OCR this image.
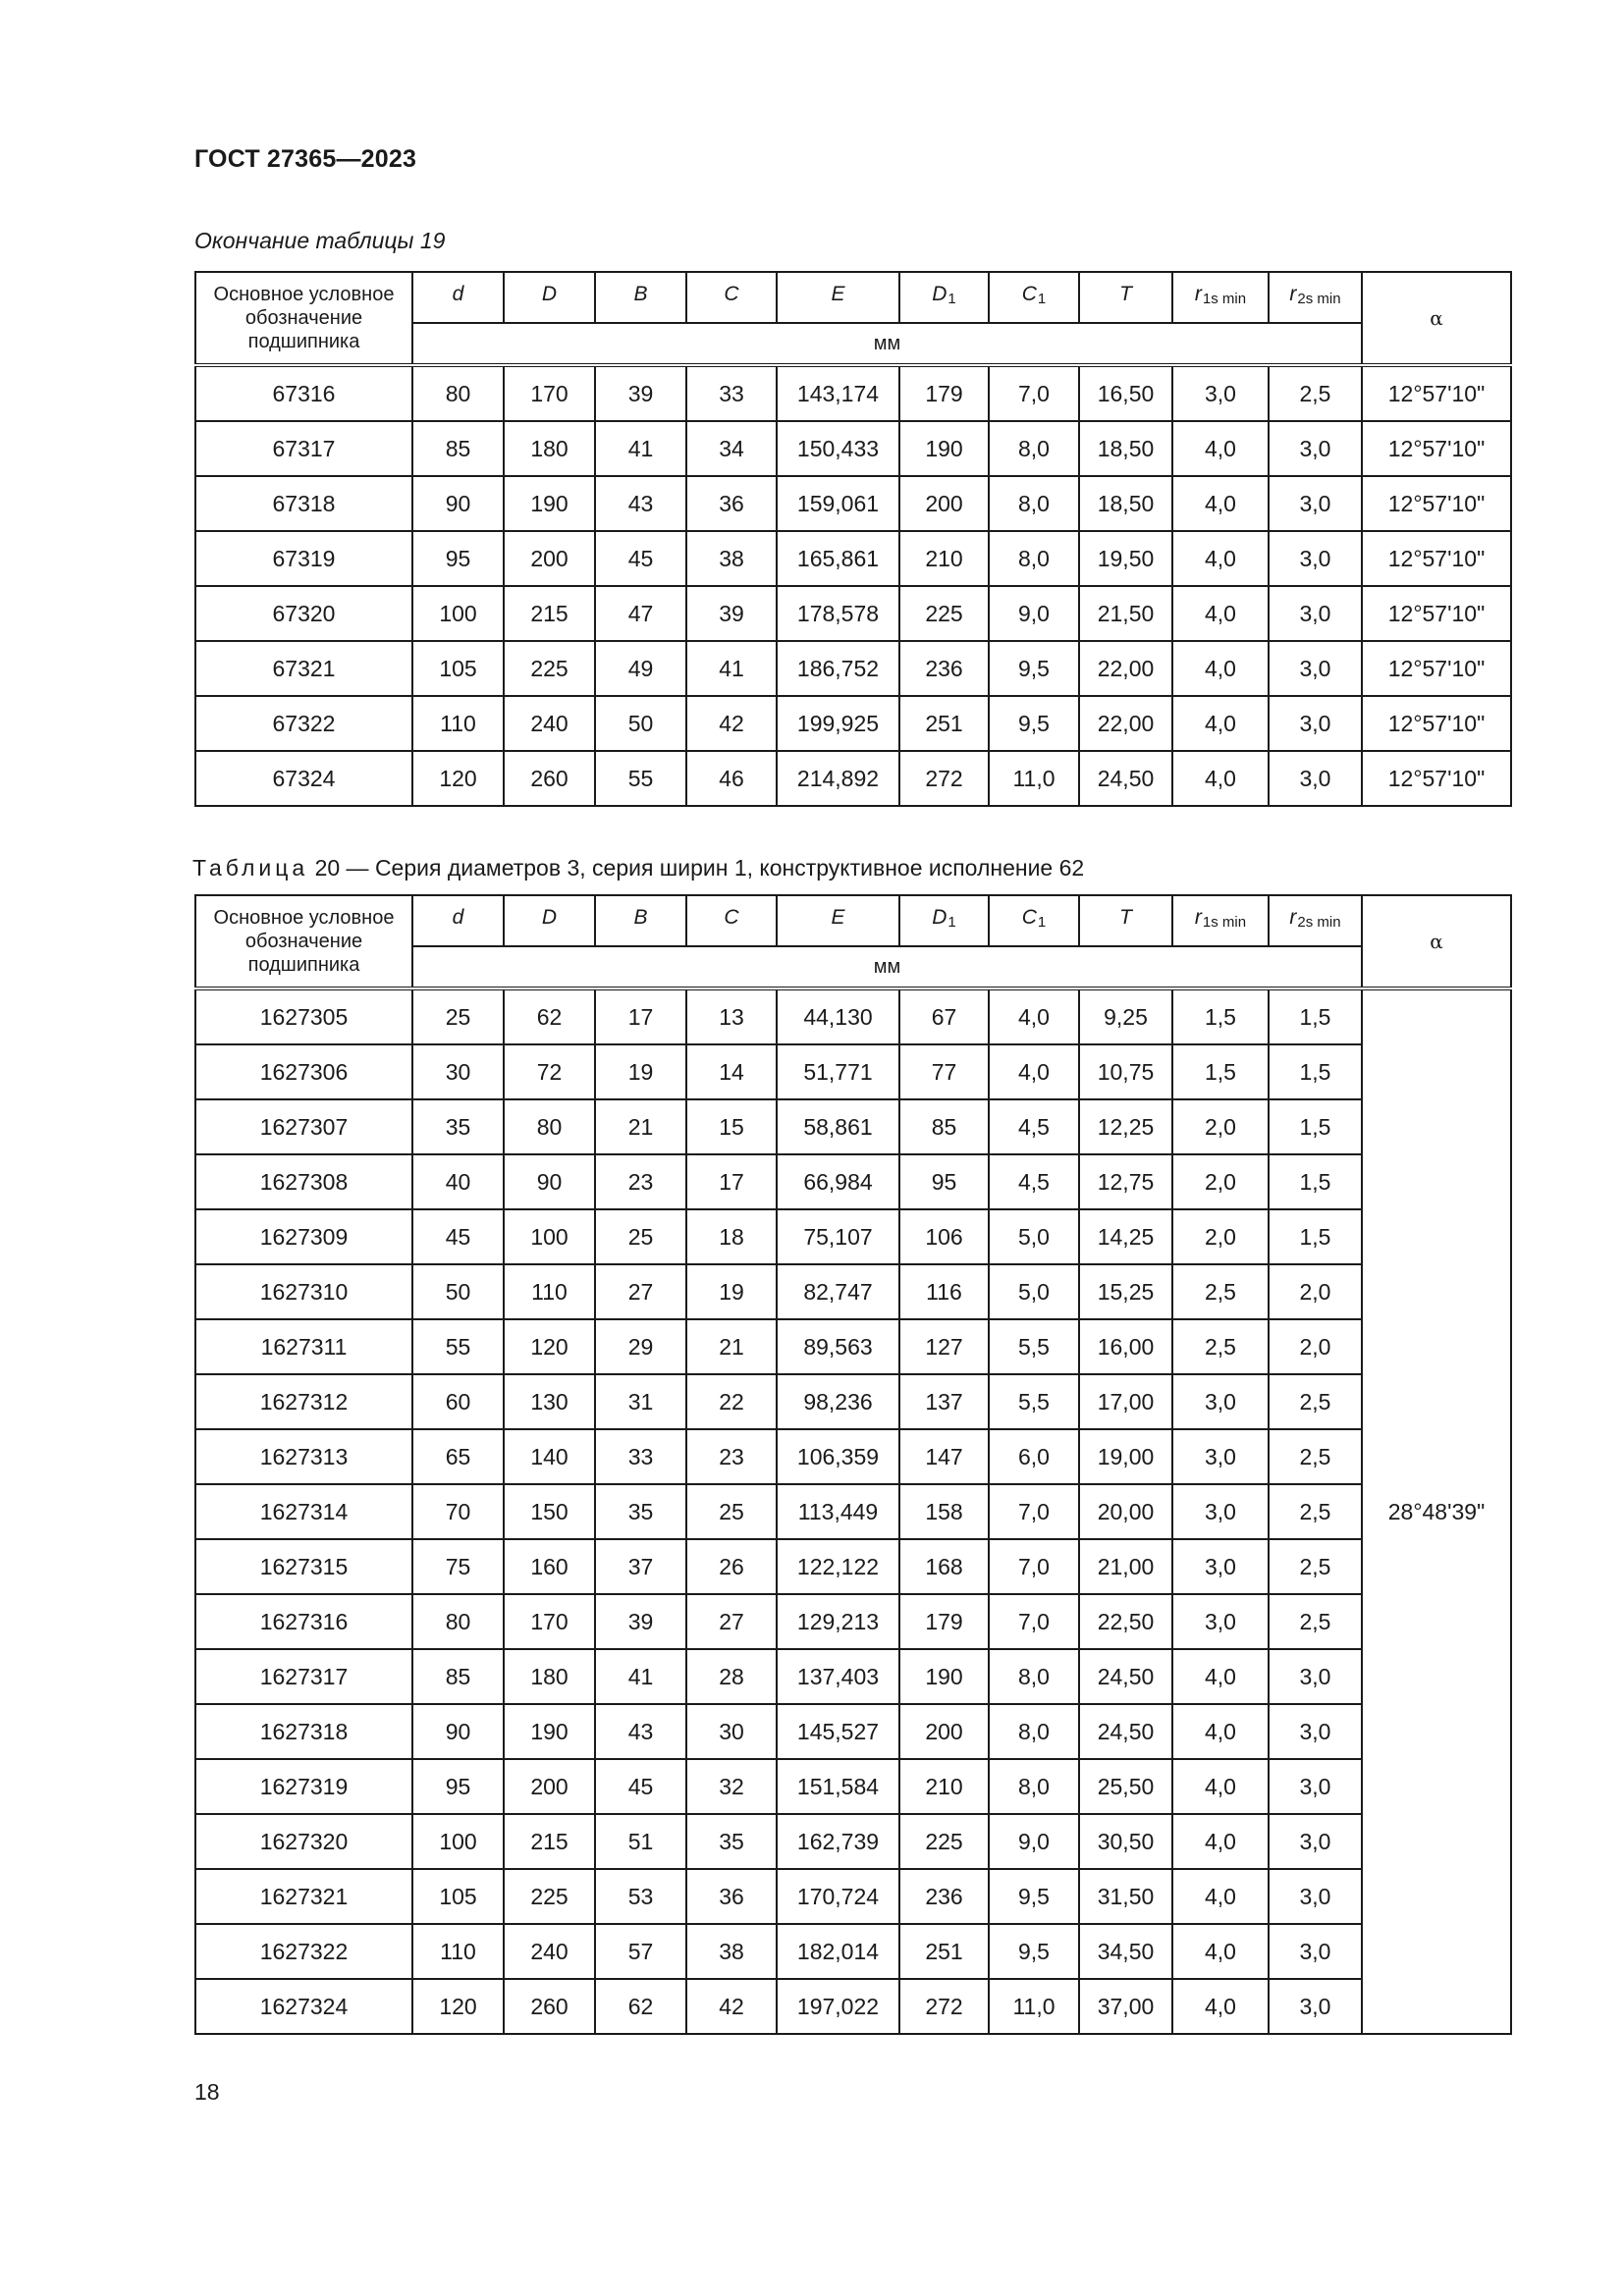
ГОСТ 27365—2023
Окончание таблицы 19
Основное условное обозначение подшипника	d	D	B	C	E	$D_1$	$C_1$	T	$r_{1s min}$	$r_{2s min}$	α
	мм										
67316	80	170	39	33	143,174	179	7,0	16,50	3,0	2,5	12°57'10"
67317	85	180	41	34	150,433	190	8,0	18,50	4,0	3,0	12°57'10"
67318	90	190	43	36	159,061	200	8,0	18,50	4,0	3,0	12°57'10"
67319	95	200	45	38	165,861	210	8,0	19,50	4,0	3,0	12°57'10"
67320	100	215	47	39	178,578	225	9,0	21,50	4,0	3,0	12°57'10"
67321	105	225	49	41	186,752	236	9,5	22,00	4,0	3,0	12°57'10"
67322	110	240	50	42	199,925	251	9,5	22,00	4,0	3,0	12°57'10"
67324	120	260	55	46	214,892	272	11,0	24,50	4,0	3,0	12°57'10"
Таблица 20 — Серия диаметров 3, серия ширин 1, конструктивное исполнение 62
Основное условное обозначение подшипника	d	D	B	C	E	$D_1$	$C_1$	T	$r_{1s min}$	$r_{2s min}$	α
	мм										
1627305	25	62	17	13	44,130	67	4,0	9,25	1,5	1,5	28°48'39"
1627306	30	72	19	14	51,771	77	4,0	10,75	1,5	1,5	
1627307	35	80	21	15	58,861	85	4,5	12,25	2,0	1,5	
1627308	40	90	23	17	66,984	95	4,5	12,75	2,0	1,5	
1627309	45	100	25	18	75,107	106	5,0	14,25	2,0	1,5	
1627310	50	110	27	19	82,747	116	5,0	15,25	2,5	2,0	
1627311	55	120	29	21	89,563	127	5,5	16,00	2,5	2,0	
1627312	60	130	31	22	98,236	137	5,5	17,00	3,0	2,5	
1627313	65	140	33	23	106,359	147	6,0	19,00	3,0	2,5	
1627314	70	150	35	25	113,449	158	7,0	20,00	3,0	2,5	
1627315	75	160	37	26	122,122	168	7,0	21,00	3,0	2,5	
1627316	80	170	39	27	129,213	179	7,0	22,50	3,0	2,5	
1627317	85	180	41	28	137,403	190	8,0	24,50	4,0	3,0	
1627318	90	190	43	30	145,527	200	8,0	24,50	4,0	3,0	
1627319	95	200	45	32	151,584	210	8,0	25,50	4,0	3,0	
1627320	100	215	51	35	162,739	225	9,0	30,50	4,0	3,0	
1627321	105	225	53	36	170,724	236	9,5	31,50	4,0	3,0	
1627322	110	240	57	38	182,014	251	9,5	34,50	4,0	3,0	
1627324	120	260	62	42	197,022	272	11,0	37,00	4,0	3,0	
18
